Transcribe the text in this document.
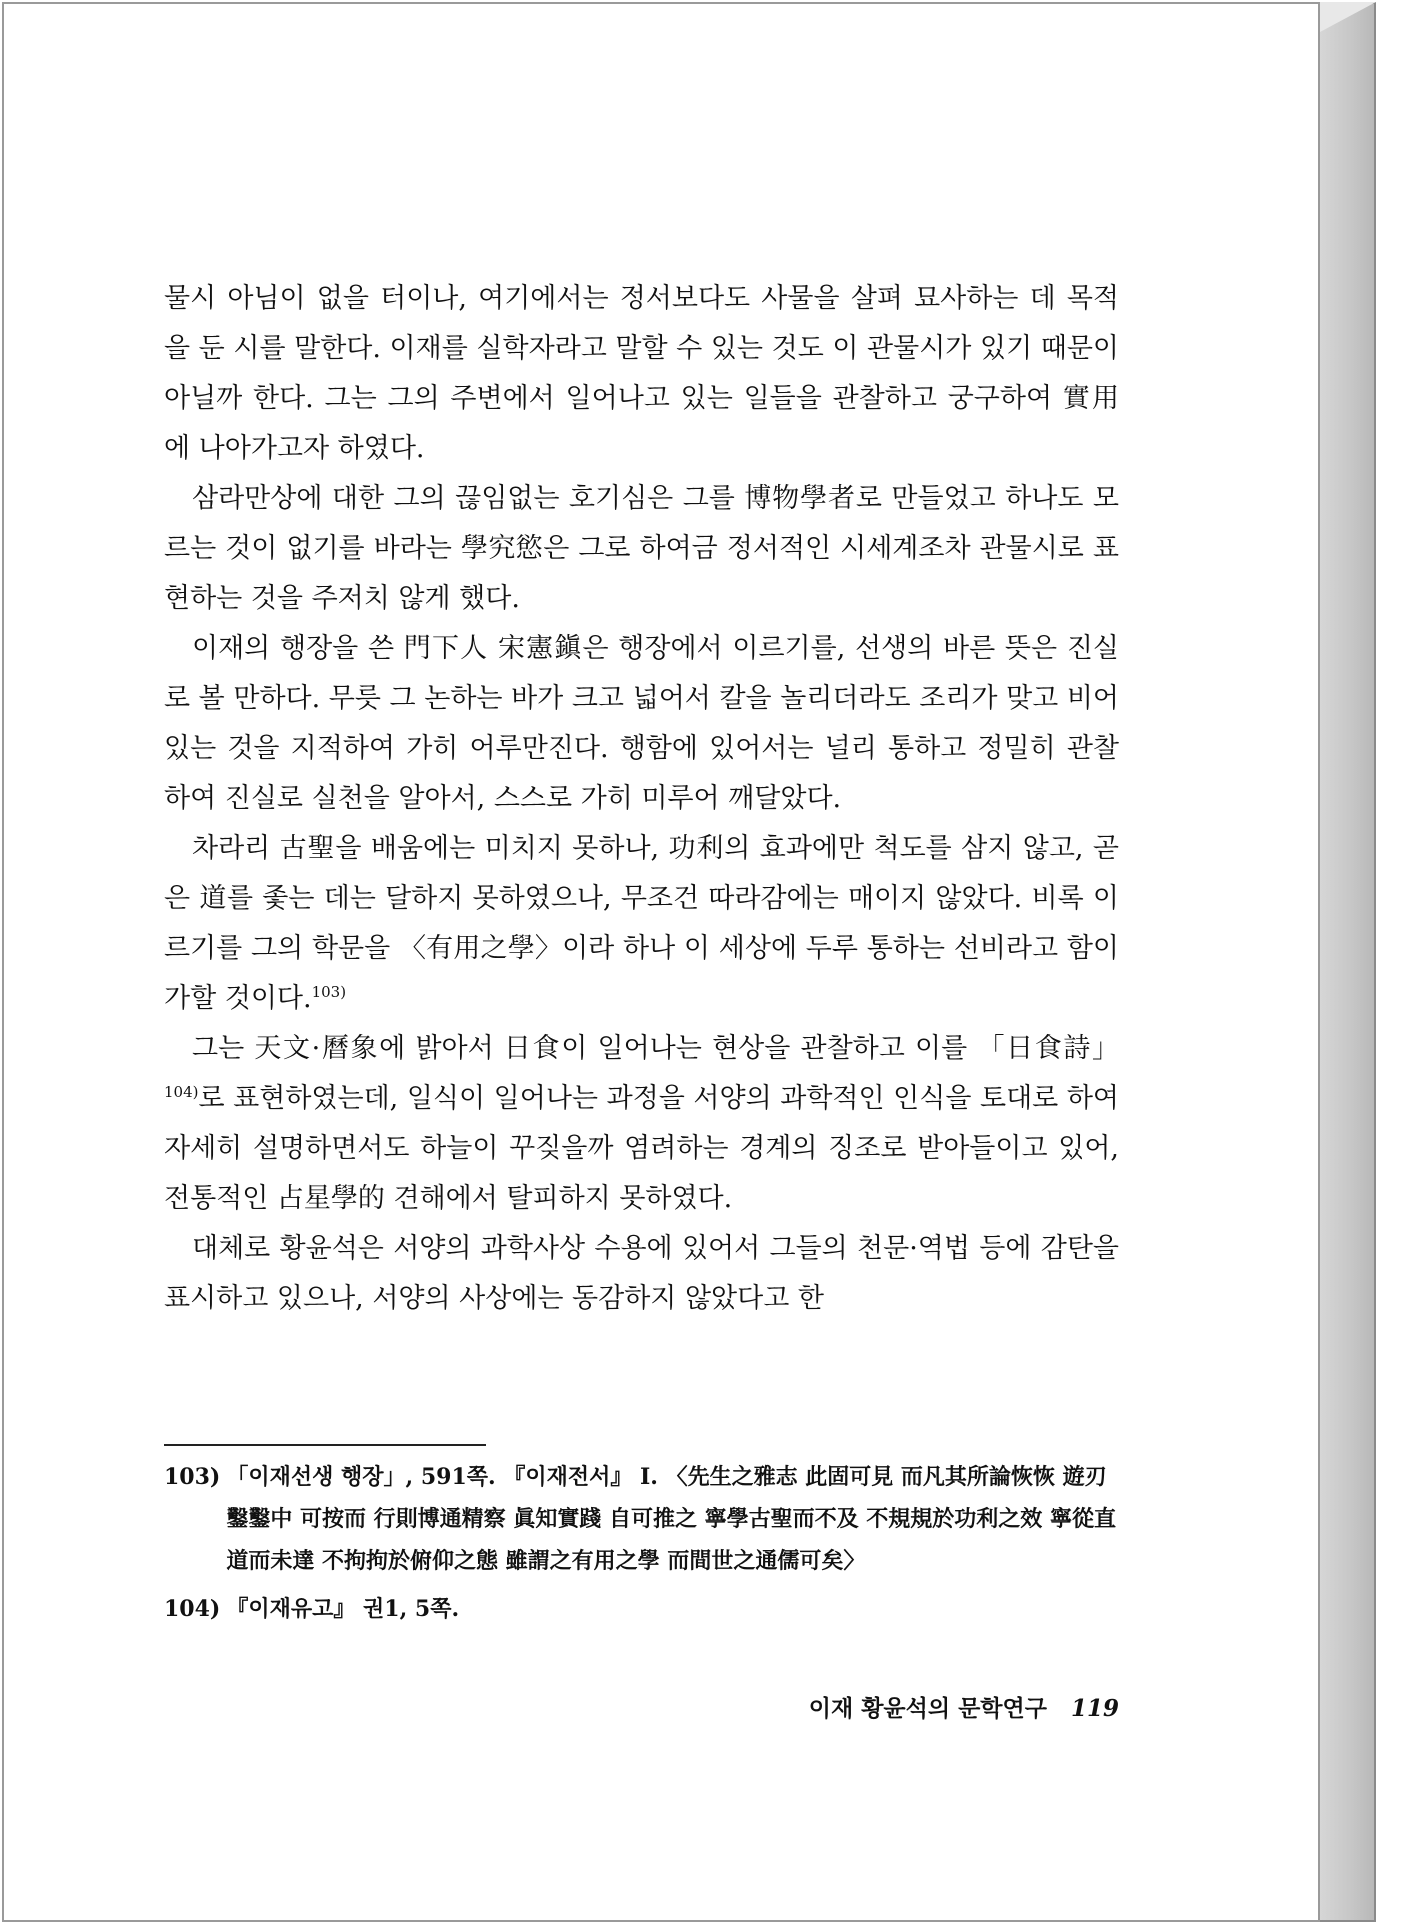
물시 아님이 없을 터이나, 여기에서는 정서보다도 사물을 살펴 묘사하는 데 목적을 둔 시를 말한다. 이재를 실학자라고 말할 수 있는 것도 이 관물시가 있기 때문이 아닐까 한다. 그는 그의 주변에서 일어나고 있는 일들을 관찰하고 궁구하여 實用에 나아가고자 하였다.

삼라만상에 대한 그의 끊임없는 호기심은 그를 博物學者로 만들었고 하나도 모르는 것이 없기를 바라는 學究慾은 그로 하여금 정서적인 시세계조차 관물시로 표현하는 것을 주저치 않게 했다.

이재의 행장을 쓴 門下人 宋憲鎭은 행장에서 이르기를, 선생의 바른 뜻은 진실로 볼 만하다. 무릇 그 논하는 바가 크고 넓어서 칼을 놀리더라도 조리가 맞고 비어 있는 것을 지적하여 가히 어루만진다. 행함에 있어서는 널리 통하고 정밀히 관찰하여 진실로 실천을 알아서, 스스로 가히 미루어 깨달았다.

차라리 古聖을 배움에는 미치지 못하나, 功利의 효과에만 척도를 삼지 않고, 곧은 道를 좇는 데는 달하지 못하였으나, 무조건 따라감에는 매이지 않았다. 비록 이르기를 그의 학문을 〈有用之學〉이라 하나 이 세상에 두루 통하는 선비라고 함이 가할 것이다.$^{103)}$

그는 天文·曆象에 밝아서 日食이 일어나는 현상을 관찰하고 이를 「日食詩」$^{104)}$로 표현하였는데, 일식이 일어나는 과정을 서양의 과학적인 인식을 토대로 하여 자세히 설명하면서도 하늘이 꾸짖을까 염려하는 경계의 징조로 받아들이고 있어, 전통적인 占星學的 견해에서 탈피하지 못하였다.

대체로 황윤석은 서양의 과학사상 수용에 있어서 그들의 천문·역법 등에 감탄을 표시하고 있으나, 서양의 사상에는 동감하지 않았다고 한

103) 「이재선생 행장」, 591쪽. 『이재전서』 Ⅰ. 〈先生之雅志 此固可見 而凡其所論恢恢 遊刃鑿鑿中 可按而 行則博通精察 眞知實踐 自可推之 寧學古聖而不及 不規規於功利之效 寧從直道而未達 不拘拘於俯仰之態 雖謂之有用之學 而間世之通儒可矣〉
104) 『이재유고』 권1, 5쪽.
이재 황윤석의 문학연구 119
